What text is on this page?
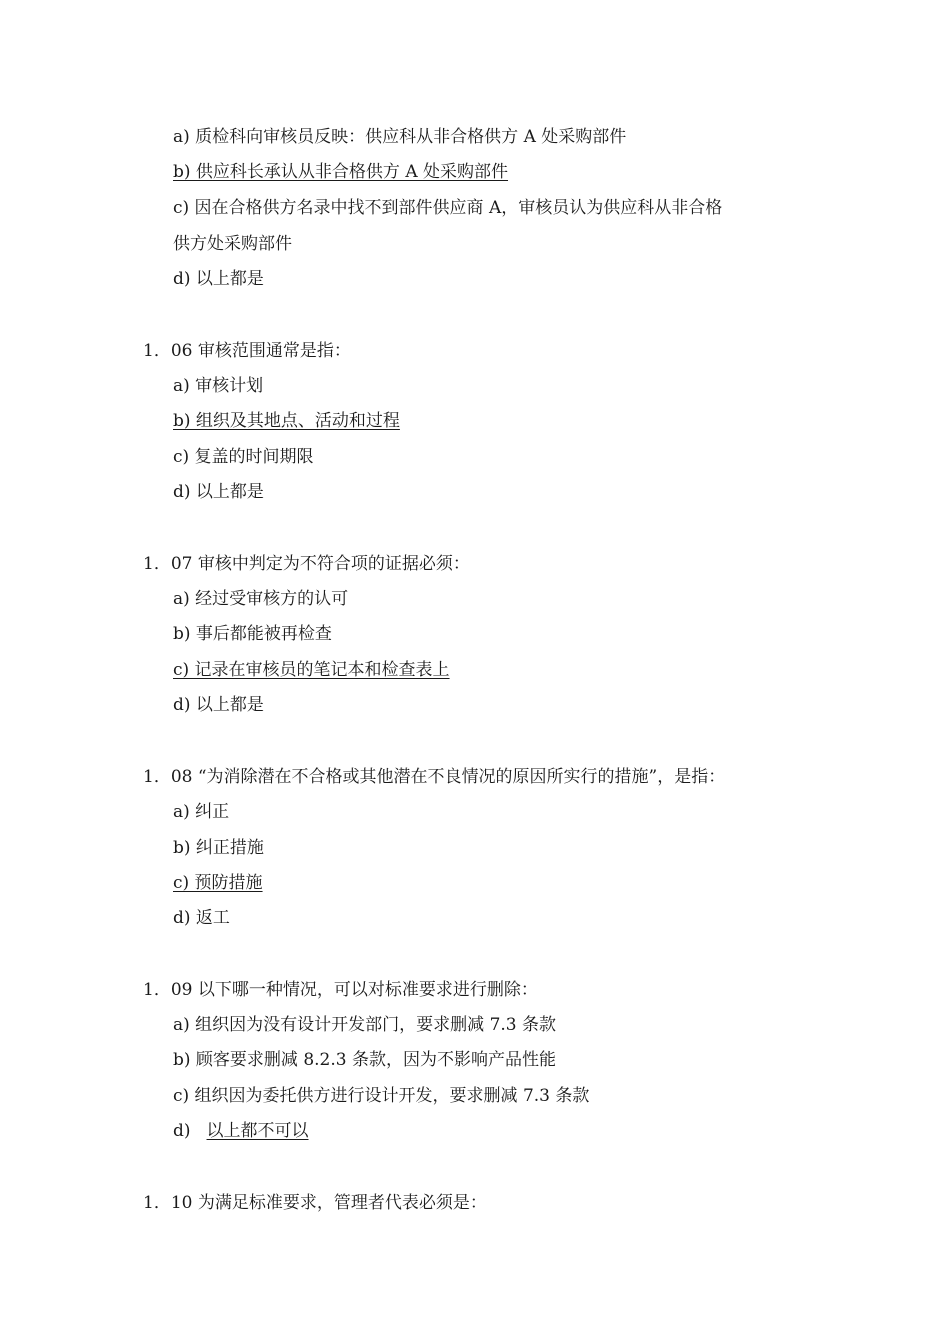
a) 质检科向审核员反映：供应科从非合格供方 A 处采购部件
b) 供应科长承认从非合格供方 A 处采购部件
c) 因在合格供方名录中找不到部件供应商 A，审核员认为供应科从非合格
供方处采购部件
d) 以上都是
1．06 审核范围通常是指：
a) 审核计划
b) 组织及其地点、活动和过程
c) 复盖的时间期限
d) 以上都是
1．07 审核中判定为不符合项的证据必须：
a) 经过受审核方的认可
b) 事后都能被再检查
c) 记录在审核员的笔记本和检查表上
d) 以上都是
1．08 “为消除潜在不合格或其他潜在不良情况的原因所实行的措施”，是指：
a) 纠正
b) 纠正措施
c) 预防措施
d) 返工
1．09 以下哪一种情况，可以对标准要求进行删除：
a) 组织因为没有设计开发部门，要求删减 7.3 条款
b) 顾客要求删减 8.2.3 条款，因为不影响产品性能
c) 组织因为委托供方进行设计开发，要求删减 7.3 条款
d) 以上都不可以
1．10 为满足标准要求，管理者代表必须是：
